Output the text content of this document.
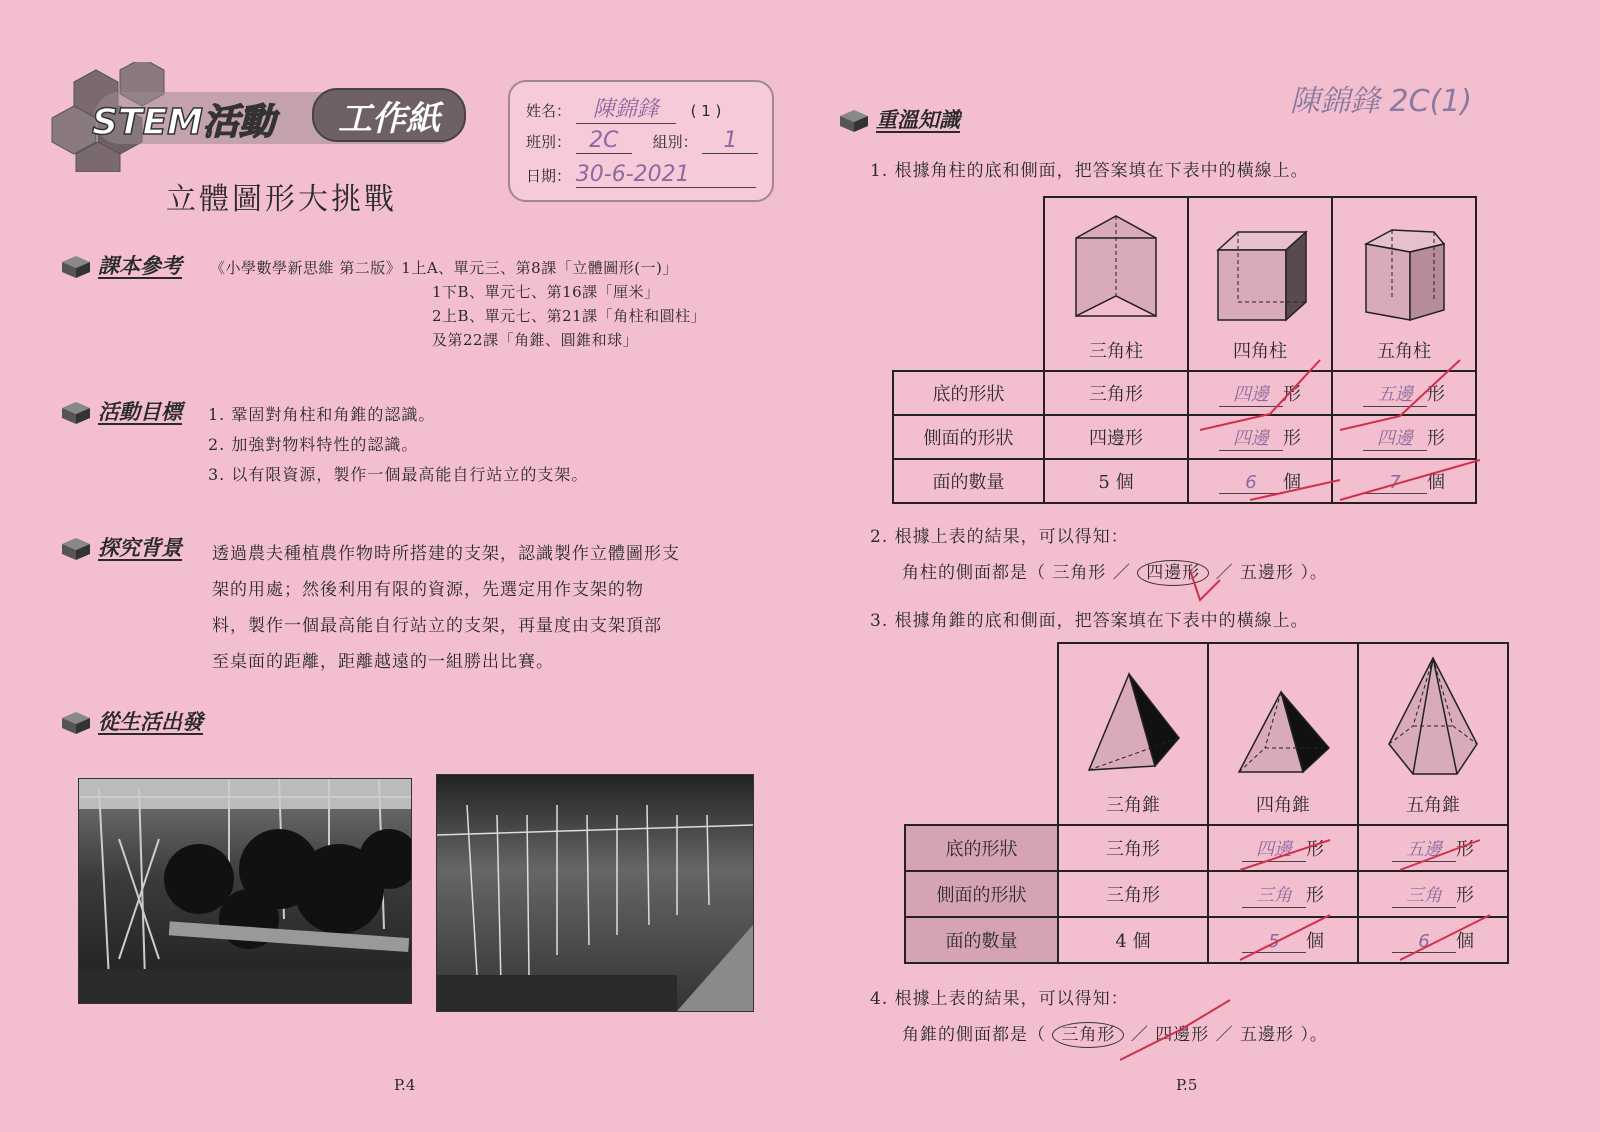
STEM活動 工作紙	姓名： 陳錦鋒 ( 1 )
班別： 2C 組別： 1
日期： 30-6-2021
立體圖形大挑戰
課本參考 《小學數學新思維 第二版》1上A、單元三、第8課「立體圖形(一)」
1下B、單元七、第16課「厘米」
2上B、單元七、第21課「角柱和圓柱」
及第22課「角錐、圓錐和球」
活動目標 1. 鞏固對角柱和角錐的認識。
2. 加強對物料特性的認識。
3. 以有限資源，製作一個最高能自行站立的支架。
探究背景 透過農夫種植農作物時所搭建的支架，認識製作立體圖形支
架的用處；然後利用有限的資源，先選定用作支架的物
料，製作一個最高能自行站立的支架，再量度由支架頂部
至桌面的距離，距離越遠的一組勝出比賽。
從生活出發
P.4
陳錦鋒 2C(1)
重溫知識
1. 根據角柱的底和側面，把答案填在下表中的橫線上。

	三角柱	四角柱	五角柱

底的形狀	三角形	四邊 形	五邊 形
側面的形狀	四邊形	四邊 形	四邊 形
面的數量	5 個	6 個	7 個
2. 根據上表的結果，可以得知：
角柱的側面都是（ 三角形 ／ 四邊形 ／ 五邊形 ）。
3. 根據角錐的底和側面，把答案填在下表中的橫線上。

	三角錐	四角錐	五角錐

底的形狀	三角形	四邊 形	五邊 形
側面的形狀	三角形	三角 形	三角 形
面的數量	4 個	5 個	6 個
4. 根據上表的結果，可以得知：
角錐的側面都是（ 三角形 ／ 四邊形 ／ 五邊形 ）。
P.5
